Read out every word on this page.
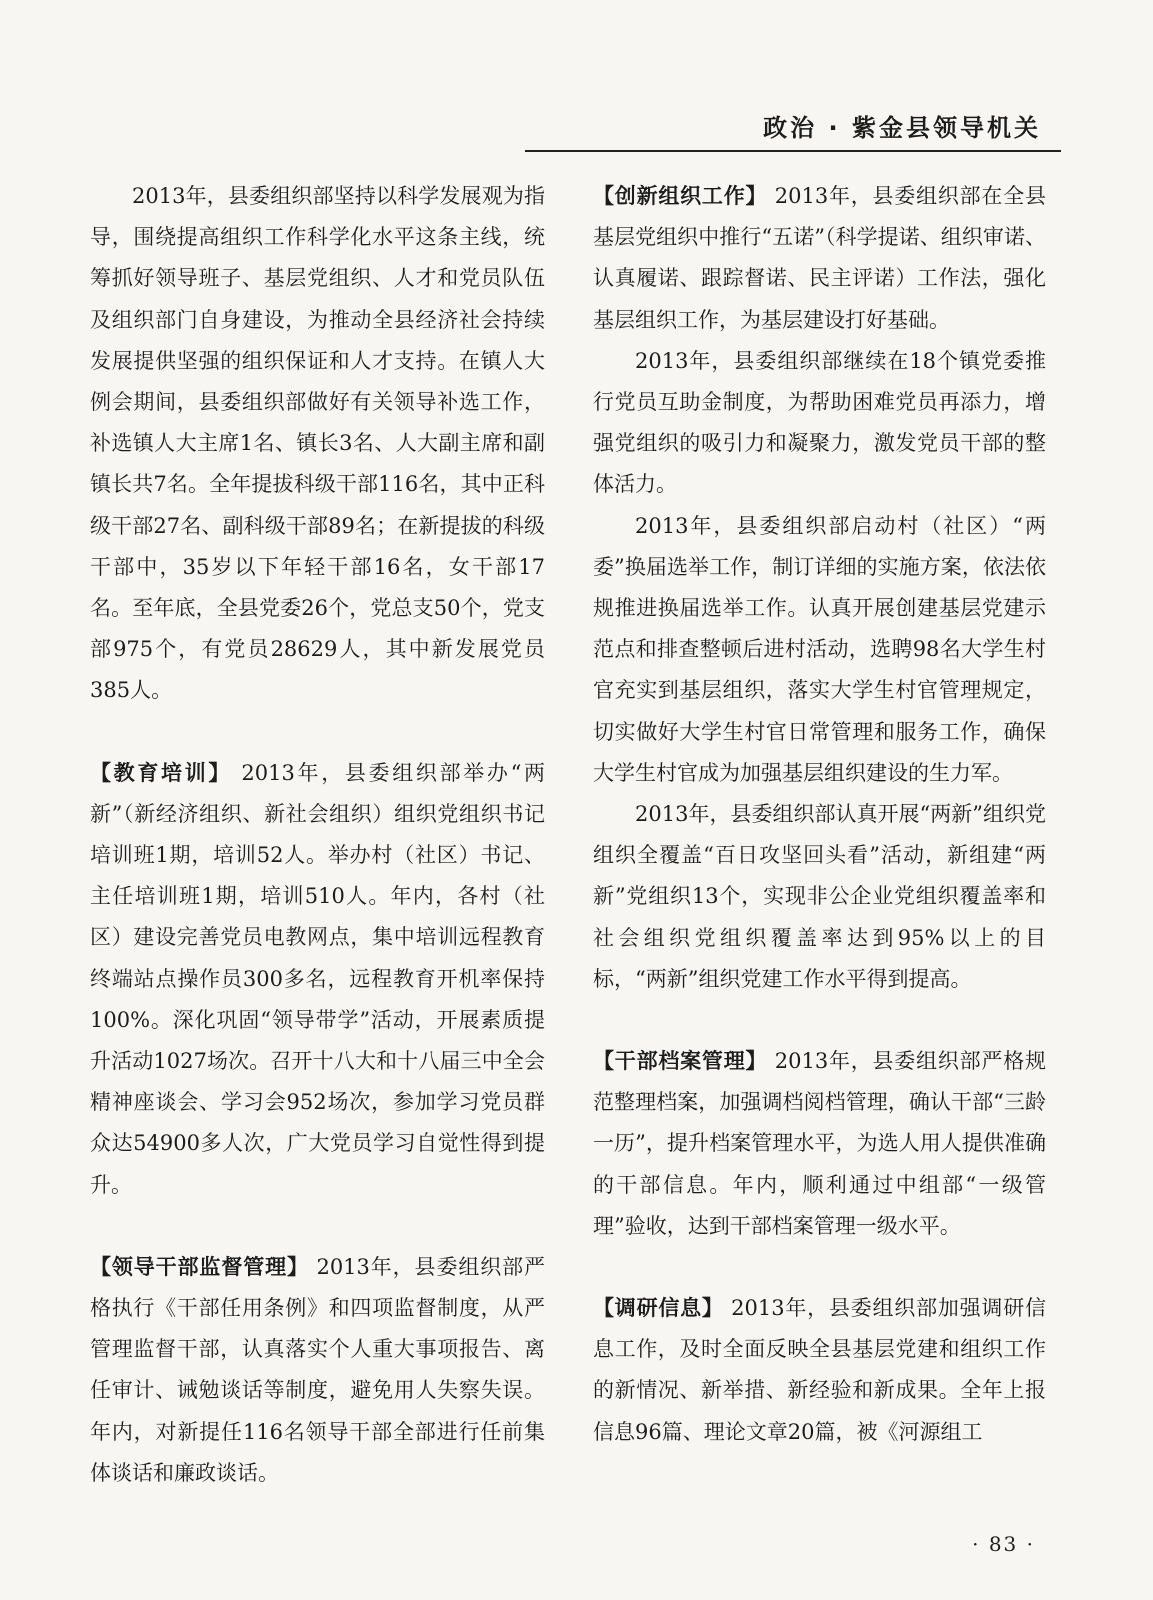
政治 · 紫金县领导机关

2013年，县委组织部坚持以科学发展观为指导，围绕提高组织工作科学化水平这条主线，统筹抓好领导班子、基层党组织、人才和党员队伍及组织部门自身建设，为推动全县经济社会持续发展提供坚强的组织保证和人才支持。在镇人大例会期间，县委组织部做好有关领导补选工作，补选镇人大主席1名、镇长3名、人大副主席和副镇长共7名。全年提拔科级干部116名，其中正科级干部27名、副科级干部89名；在新提拔的科级干部中，35岁以下年轻干部16名，女干部17名。至年底，全县党委26个，党总支50个，党支部975个，有党员28629人，其中新发展党员385人。

【教育培训】 2013年，县委组织部举办“两新”（新经济组织、新社会组织）组织党组织书记培训班1期，培训52人。举办村（社区）书记、主任培训班1期，培训510人。年内，各村（社区）建设完善党员电教网点，集中培训远程教育终端站点操作员300多名，远程教育开机率保持100%。深化巩固“领导带学”活动，开展素质提升活动1027场次。召开十八大和十八届三中全会精神座谈会、学习会952场次，参加学习党员群众达54900多人次，广大党员学习自觉性得到提升。

【领导干部监督管理】 2013年，县委组织部严格执行《干部任用条例》和四项监督制度，从严管理监督干部，认真落实个人重大事项报告、离任审计、诫勉谈话等制度，避免用人失察失误。年内，对新提任116名领导干部全部进行任前集体谈话和廉政谈话。

【创新组织工作】 2013年，县委组织部在全县基层党组织中推行“五诺”（科学提诺、组织审诺、认真履诺、跟踪督诺、民主评诺）工作法，强化基层组织工作，为基层建设打好基础。

2013年，县委组织部继续在18个镇党委推行党员互助金制度，为帮助困难党员再添力，增强党组织的吸引力和凝聚力，激发党员干部的整体活力。

2013年，县委组织部启动村（社区）“两委”换届选举工作，制订详细的实施方案，依法依规推进换届选举工作。认真开展创建基层党建示范点和排查整顿后进村活动，选聘98名大学生村官充实到基层组织，落实大学生村官管理规定，切实做好大学生村官日常管理和服务工作，确保大学生村官成为加强基层组织建设的生力军。

2013年，县委组织部认真开展“两新”组织党组织全覆盖“百日攻坚回头看”活动，新组建“两新”党组织13个，实现非公企业党组织覆盖率和社会组织党组织覆盖率达到95%以上的目标，“两新”组织党建工作水平得到提高。

【干部档案管理】 2013年，县委组织部严格规范整理档案，加强调档阅档管理，确认干部“三龄一历”，提升档案管理水平，为选人用人提供准确的干部信息。年内，顺利通过中组部“一级管理”验收，达到干部档案管理一级水平。

【调研信息】 2013年，县委组织部加强调研信息工作，及时全面反映全县基层党建和组织工作的新情况、新举措、新经验和新成果。全年上报信息96篇、理论文章20篇，被《河源组工

· 83 ·
